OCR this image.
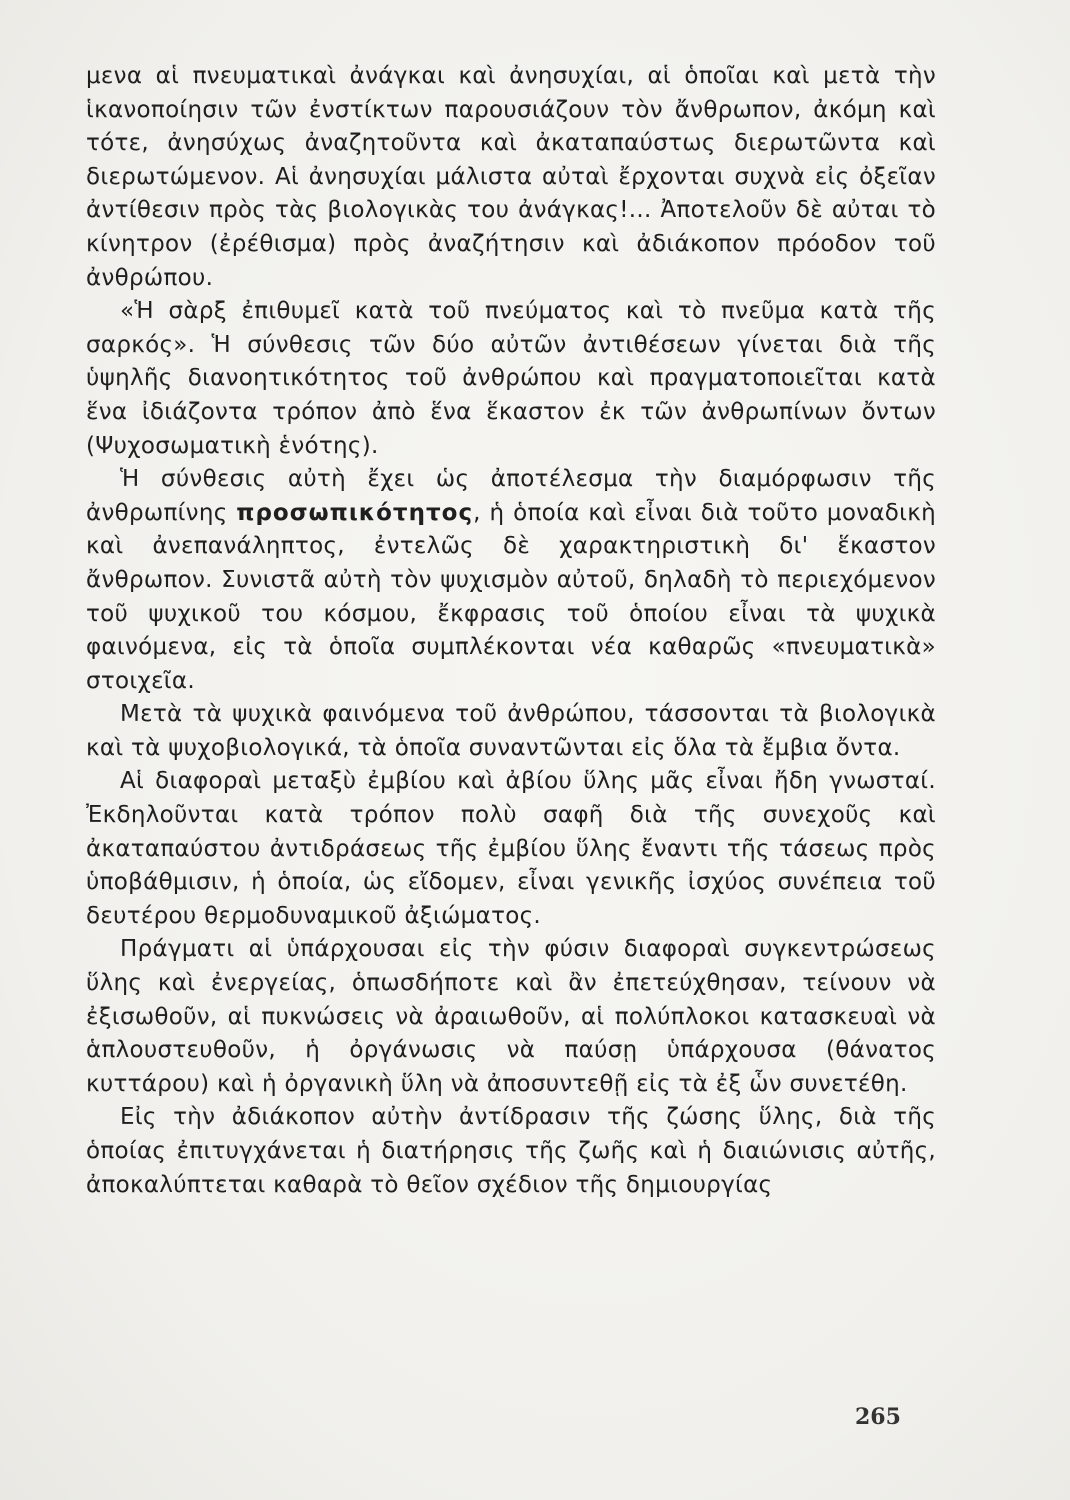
μενα αἱ πνευματικαὶ ἀνάγκαι καὶ ἀνησυχίαι, αἱ ὁποῖαι καὶ μετὰ τὴν ἱκανοποίησιν τῶν ἐνστίκτων παρουσιάζουν τὸν ἄνθρωπον, ἀκόμη καὶ τότε, ἀνησύχως ἀναζητοῦντα καὶ ἀκαταπαύστως διερωτῶντα καὶ διερωτώμενον. Αἱ ἀνησυχίαι μάλιστα αὐταὶ ἔρχονται συχνὰ εἰς ὀξεῖαν ἀντίθεσιν πρὸς τὰς βιολογικὰς του ἀνάγκας!... Ἀποτελοῦν δὲ αὐται τὸ κίνητρον (ἐρέθισμα) πρὸς ἀναζήτησιν καὶ ἀδιάκοπον πρόοδον τοῦ ἀνθρώπου.

«Ἡ σὰρξ ἐπιθυμεῖ κατὰ τοῦ πνεύματος καὶ τὸ πνεῦμα κατὰ τῆς σαρκός». Ἡ σύνθεσις τῶν δύο αὐτῶν ἀντιθέσεων γίνεται διὰ τῆς ὑψηλῆς διανοητικότητος τοῦ ἀνθρώπου καὶ πραγματοποιεῖται κατὰ ἕνα ἰδιάζοντα τρόπον ἀπὸ ἕνα ἕκαστον ἐκ τῶν ἀνθρωπίνων ὄντων (Ψυχοσωματικὴ ἑνότης).

Ἡ σύνθεσις αὐτὴ ἔχει ὡς ἀποτέλεσμα τὴν διαμόρφωσιν τῆς ἀνθρωπίνης προσωπικότητος, ἡ ὁποία καὶ εἶναι διὰ τοῦτο μοναδικὴ καὶ ἀνεπανάληπτος, ἐντελῶς δὲ χαρακτηριστικὴ δι' ἕκαστον ἄνθρωπον. Συνιστᾶ αὐτὴ τὸν ψυχισμὸν αὐτοῦ, δηλαδὴ τὸ περιεχόμενον τοῦ ψυχικοῦ του κόσμου, ἔκφρασις τοῦ ὁποίου εἶναι τὰ ψυχικὰ φαινόμενα, εἰς τὰ ὁποῖα συμπλέκονται νέα καθαρῶς «πνευματικὰ» στοιχεῖα.

Μετὰ τὰ ψυχικὰ φαινόμενα τοῦ ἀνθρώπου, τάσσονται τὰ βιολογικὰ καὶ τὰ ψυχοβιολογικά, τὰ ὁποῖα συναντῶνται εἰς ὅλα τὰ ἔμβια ὄντα.

Αἱ διαφοραὶ μεταξὺ ἐμβίου καὶ ἀβίου ὕλης μᾶς εἶναι ἤδη γνωσταί. Ἐκδηλοῦνται κατὰ τρόπον πολὺ σαφῆ διὰ τῆς συνεχοῦς καὶ ἀκαταπαύστου ἀντιδράσεως τῆς ἐμβίου ὕλης ἔναντι τῆς τάσεως πρὸς ὑποβάθμισιν, ἡ ὁποία, ὡς εἴδομεν, εἶναι γενικῆς ἰσχύος συνέπεια τοῦ δευτέρου θερμοδυναμικοῦ ἀξιώματος.

Πράγματι αἱ ὑπάρχουσαι εἰς τὴν φύσιν διαφοραὶ συγκεντρώσεως ὕλης καὶ ἐνεργείας, ὁπωσδήποτε καὶ ἂν ἐπετεύχθησαν, τείνουν νὰ ἐξισωθοῦν, αἱ πυκνώσεις νὰ ἀραιωθοῦν, αἱ πολύπλοκοι κατασκευαὶ νὰ ἁπλουστευθοῦν, ἡ ὀργάνωσις νὰ παύσῃ ὑπάρχουσα (θάνατος κυττάρου) καὶ ἡ ὀργανικὴ ὕλη νὰ ἀποσυντεθῇ εἰς τὰ ἐξ ὧν συνετέθη.

Εἰς τὴν ἀδιάκοπον αὐτὴν ἀντίδρασιν τῆς ζώσης ὕλης, διὰ τῆς ὁποίας ἐπιτυγχάνεται ἡ διατήρησις τῆς ζωῆς καὶ ἡ διαιώνισις αὐτῆς, ἀποκαλύπτεται καθαρὰ τὸ θεῖον σχέδιον τῆς δημιουργίας

265
